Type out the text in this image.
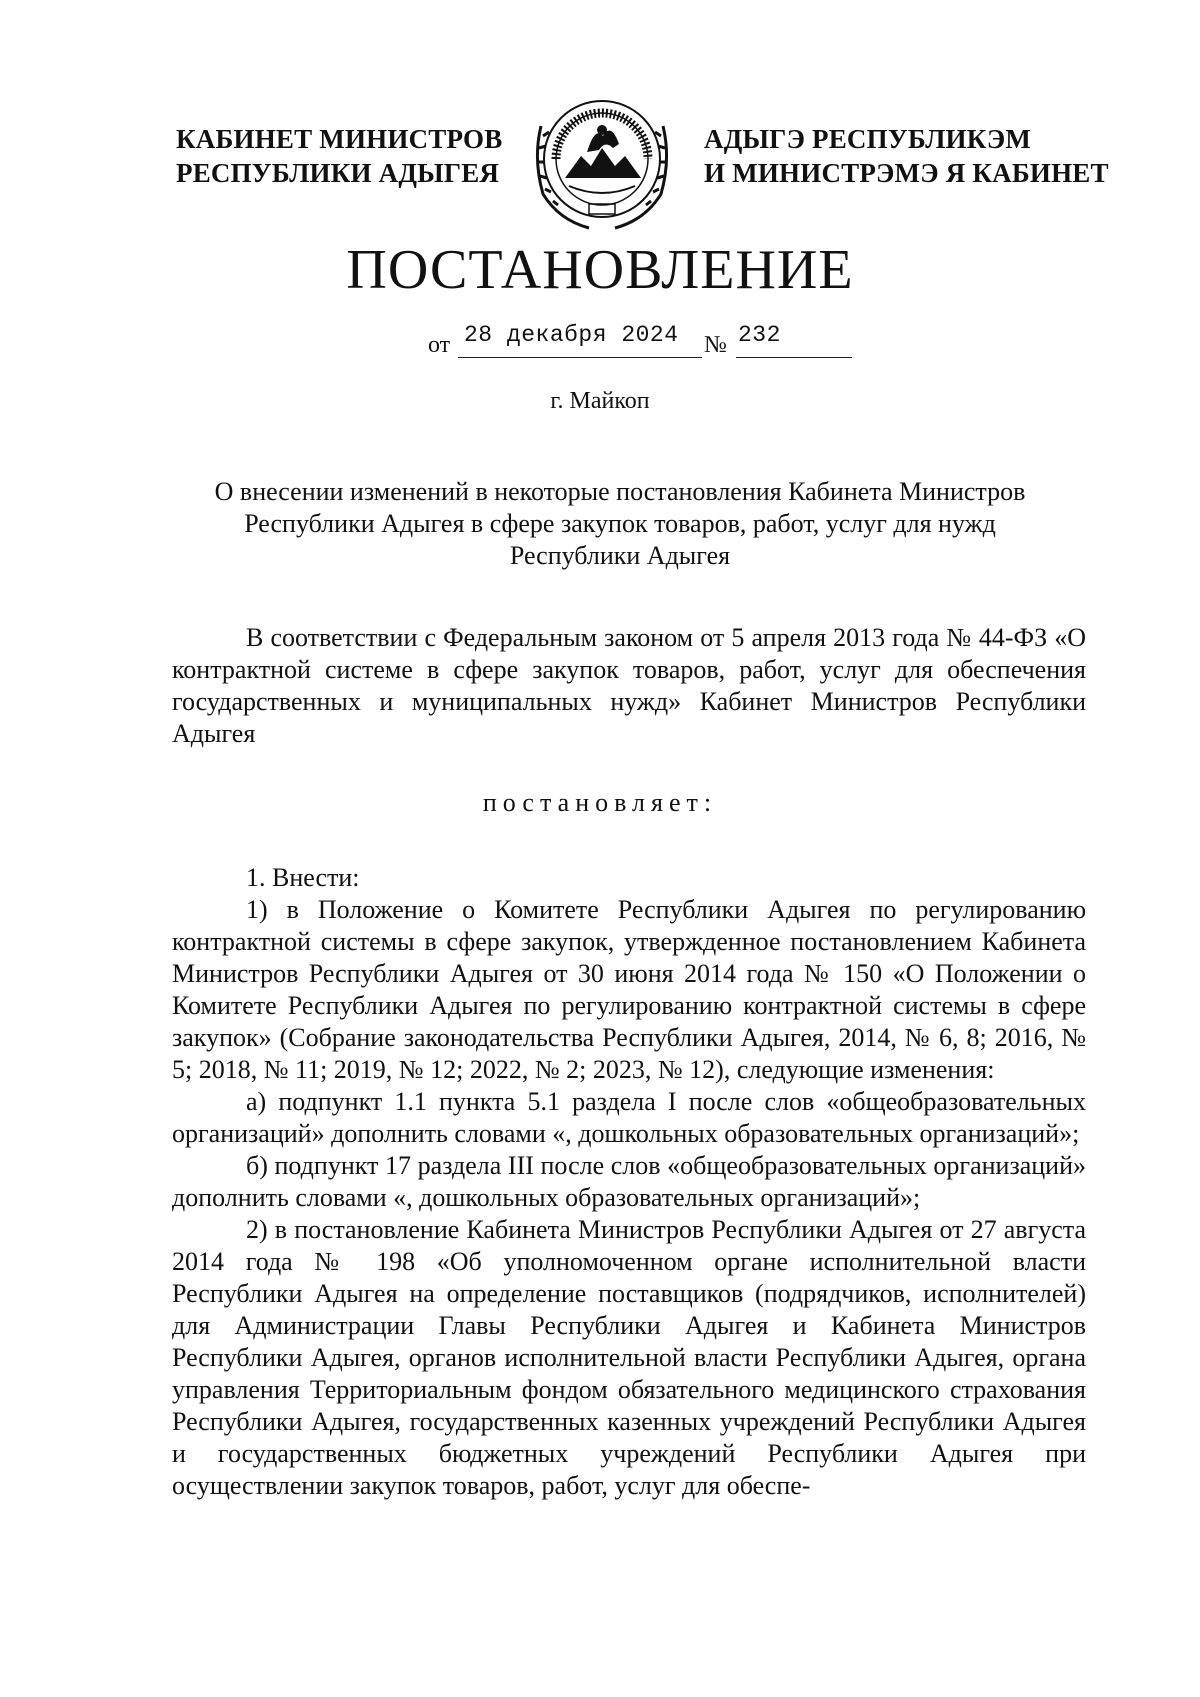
КАБИНЕТ МИНИСТРОВ
РЕСПУБЛИКИ АДЫГЕЯ
АДЫГЭ РЕСПУБЛИКЭМ
И МИНИСТРЭМЭ Я КАБИНЕТ
ПОСТАНОВЛЕНИЕ
от 28 декабря 2024 № 232
г. Майкоп
О внесении изменений в некоторые постановления Кабинета Министров
Республики Адыгея в сфере закупок товаров, работ, услуг для нужд
Республики Адыгея

В соответствии с Федеральным законом от 5 апреля 2013 года № 44-ФЗ «О контрактной системе в сфере закупок товаров, работ, услуг для обеспечения государственных и муниципальных нужд» Кабинет Министров Республики Адыгея

постановляет:

1. Внести:

1) в Положение о Комитете Республики Адыгея по регулированию контрактной системы в сфере закупок, утвержденное постановлением Кабинета Министров Республики Адыгея от 30 июня 2014 года № 150 «О Положении о Комитете Республики Адыгея по регулированию контрактной системы в сфере закупок» (Собрание законодательства Республики Адыгея, 2014, № 6, 8; 2016, № 5; 2018, № 11; 2019, № 12; 2022, № 2; 2023, № 12), следующие изменения:

а) подпункт 1.1 пункта 5.1 раздела I после слов «общеобразовательных организаций» дополнить словами «, дошкольных образовательных организаций»;

б) подпункт 17 раздела III после слов «общеобразовательных организаций» дополнить словами «, дошкольных образовательных организаций»;

2) в постановление Кабинета Министров Республики Адыгея от 27 августа 2014 года № 198 «Об уполномоченном органе исполнительной власти Республики Адыгея на определение поставщиков (подрядчиков, исполнителей) для Администрации Главы Республики Адыгея и Кабинета Министров Республики Адыгея, органов исполнительной власти Республики Адыгея, органа управления Территориальным фондом обязательного медицинского страхования Республики Адыгея, государственных казенных учреждений Республики Адыгея и государственных бюджетных учреждений Республики Адыгея при осуществлении закупок товаров, работ, услуг для обеспе-
